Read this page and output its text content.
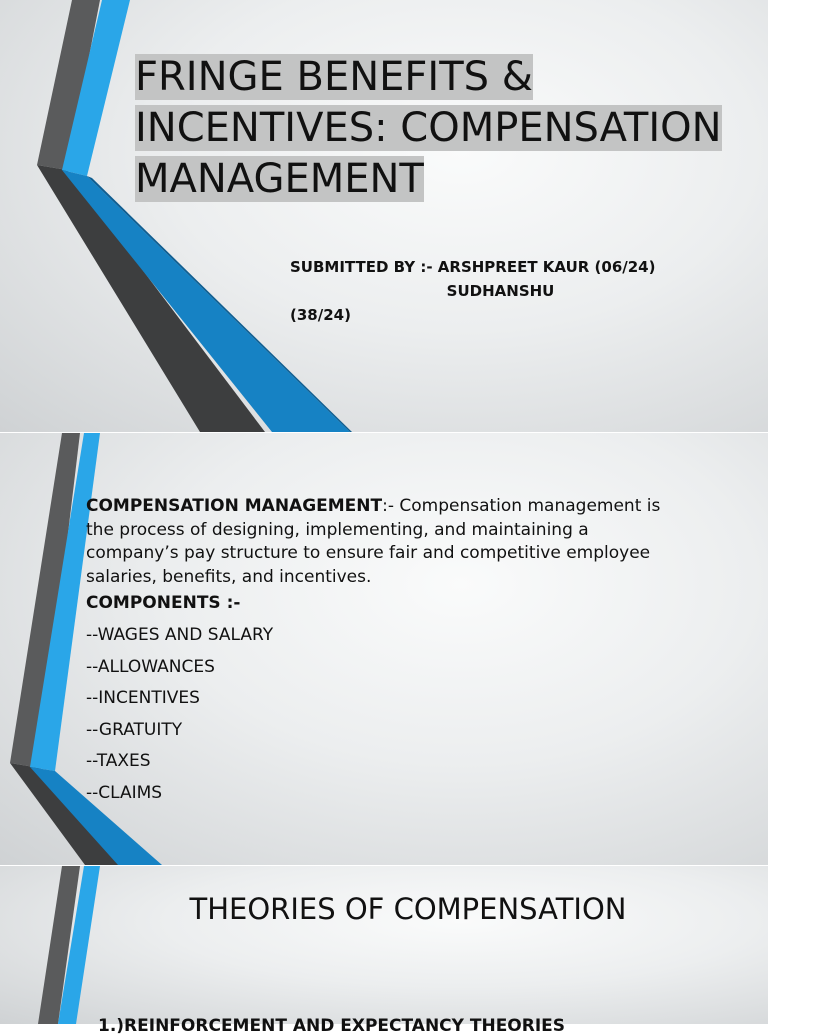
FRINGE BENEFITS & INCENTIVES: COMPENSATION MANAGEMENT

SUBMITTED BY :- ARSHPREET KAUR (06/24)
SUDHANSHU
(38/24)

COMPENSATION MANAGEMENT:- Compensation management is the process of designing, implementing, and maintaining a company’s pay structure to ensure fair and competitive employee salaries, benefits, and incentives.

COMPONENTS :-

--WAGES AND SALARY
--ALLOWANCES
--INCENTIVES
--GRATUITY
--TAXES
--CLAIMS
THEORIES OF COMPENSATION

1.)REINFORCEMENT AND EXPECTANCY THEORIES
